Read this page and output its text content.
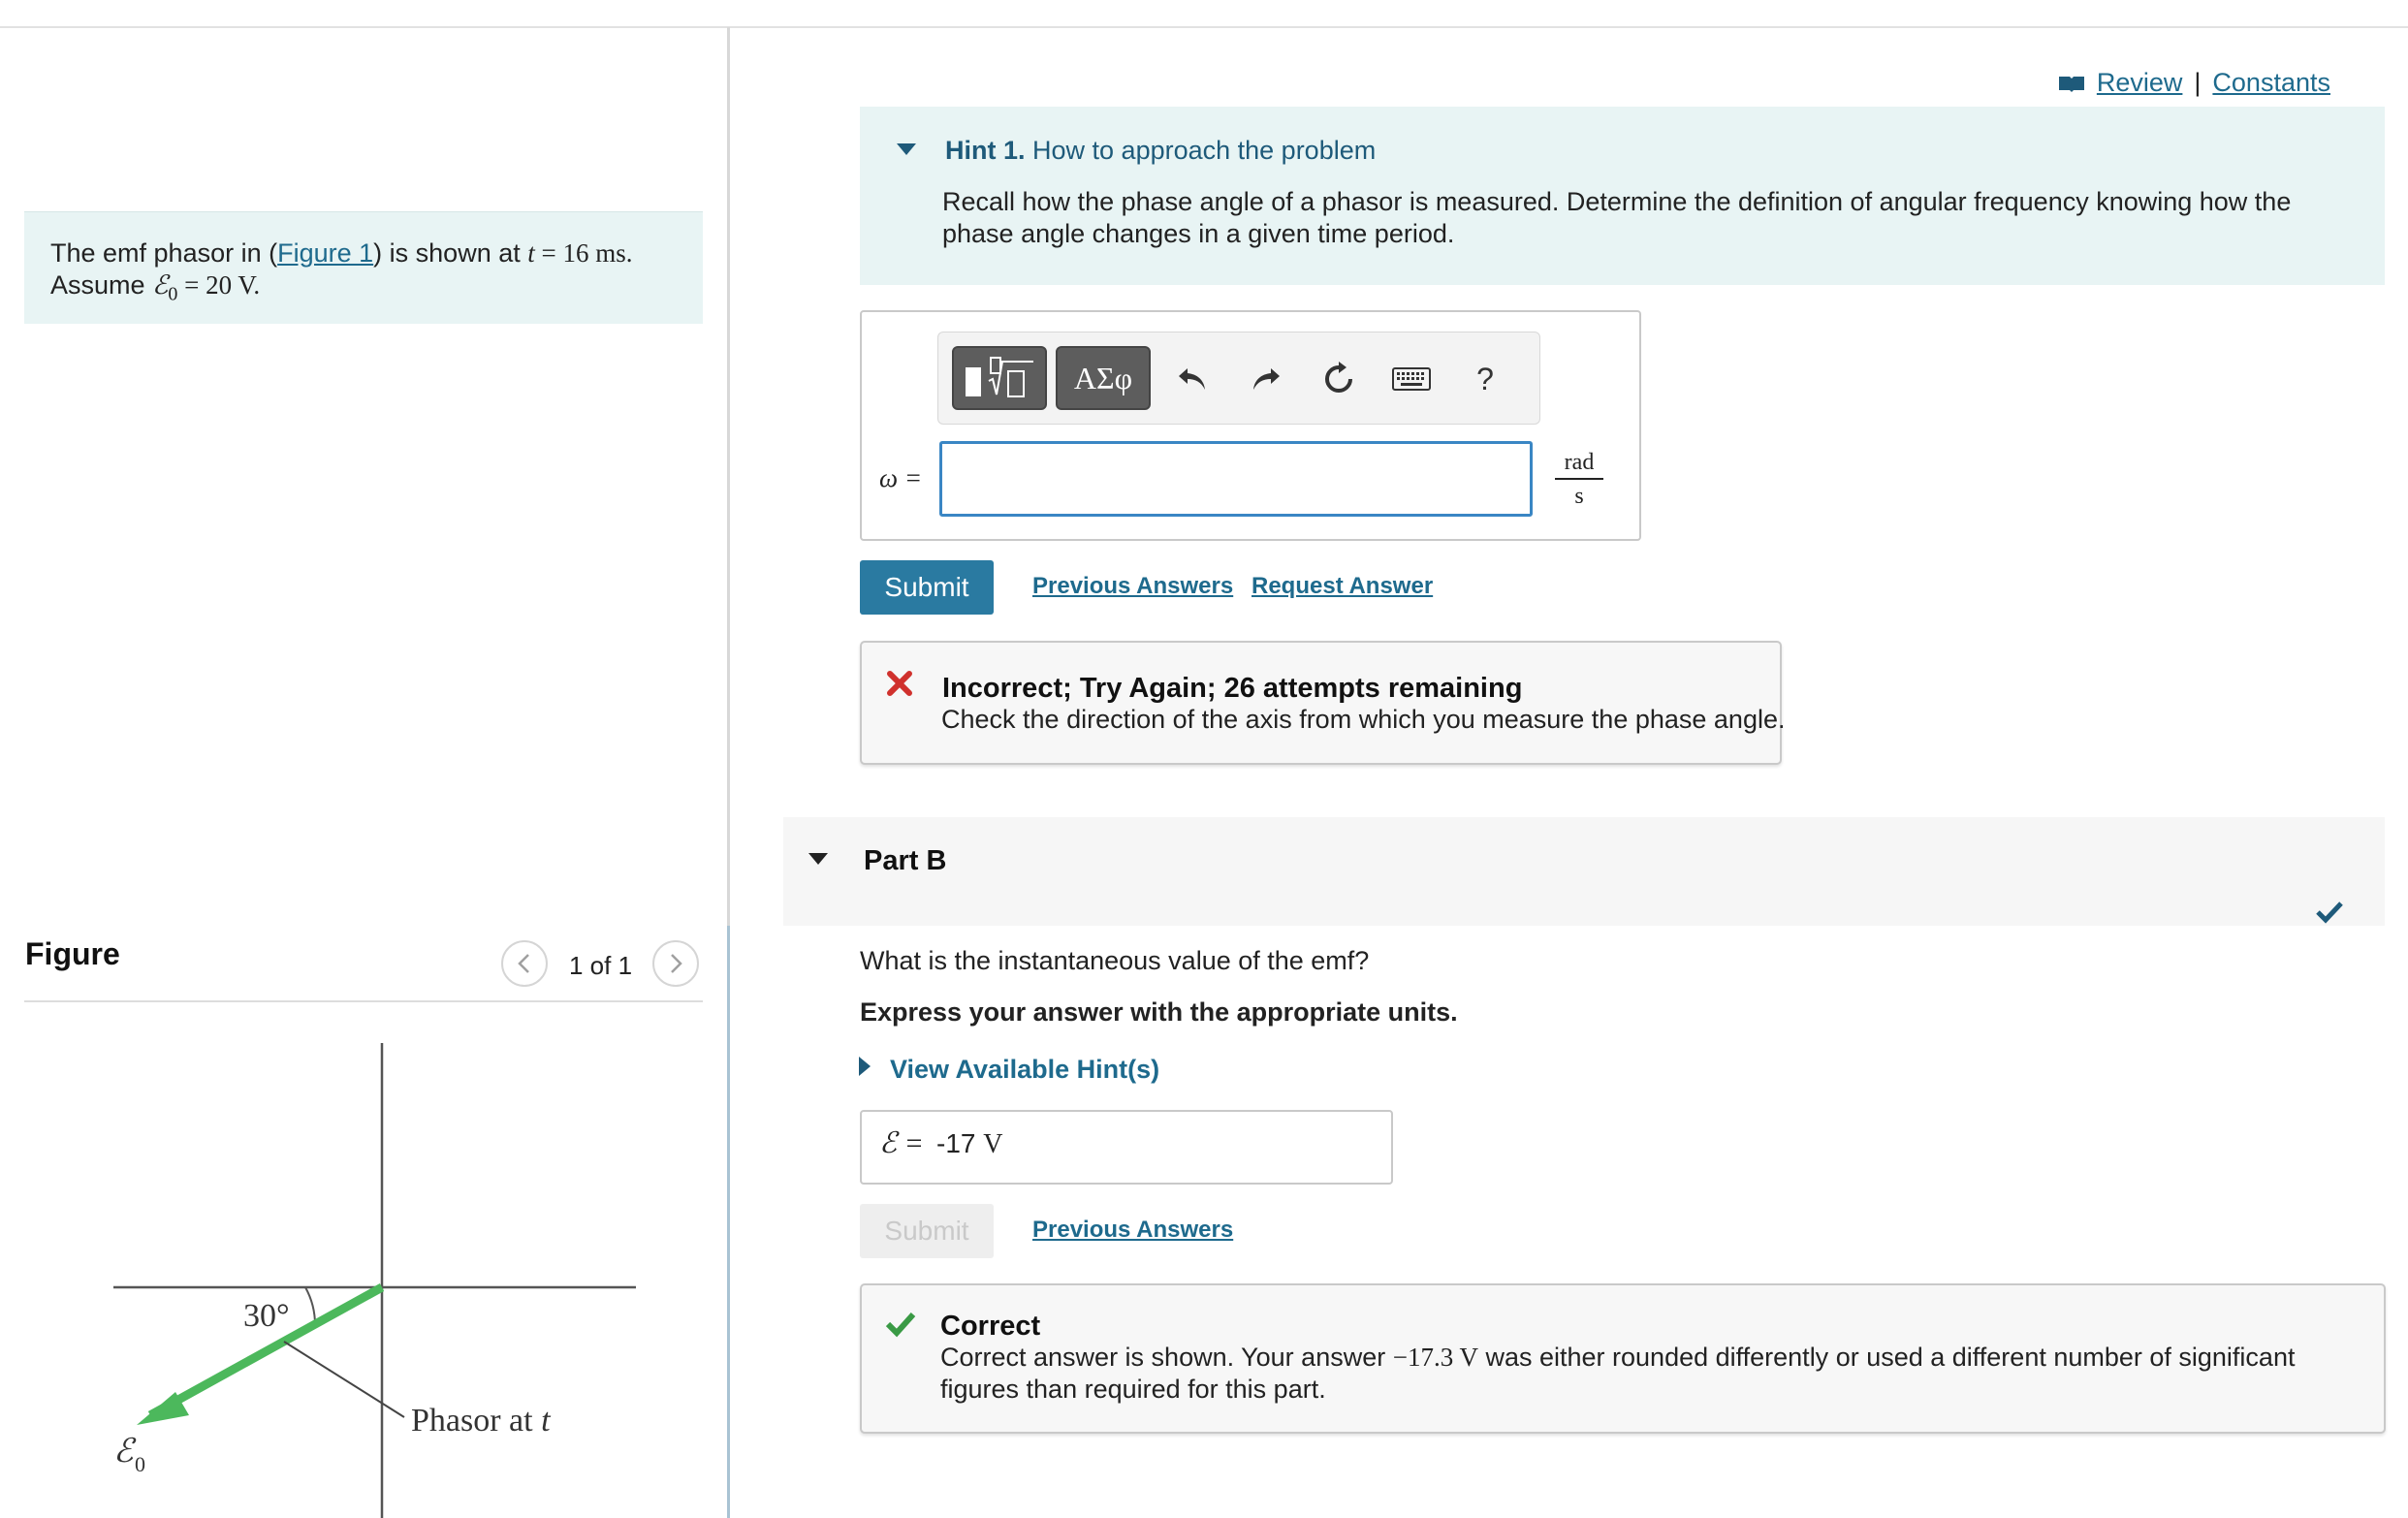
The emf phasor in (Figure 1) is shown at t = 16 ms.
Assume ℰ$_0$ = 20 V.
Figure	1 of 1
30°
Phasor at t
ℰ 0
Review | Constants
Hint 1. How to approach the problem
Recall how the phase angle of a phasor is measured. Determine the definition of angular frequency knowing how the phase angle changes in a given time period.
ΑΣφ	?
ω =
rad
s
Submit	Previous Answers Request Answer
Incorrect; Try Again; 26 attempts remaining
Check the direction of the axis from which you measure the phase angle.
Part B
What is the instantaneous value of the emf?
Express your answer with the appropriate units.
View Available Hint(s)
ℰ = -17 V
Submit	Previous Answers
Correct
Correct answer is shown. Your answer −17.3 V was either rounded differently or used a different number of significant figures than required for this part.
